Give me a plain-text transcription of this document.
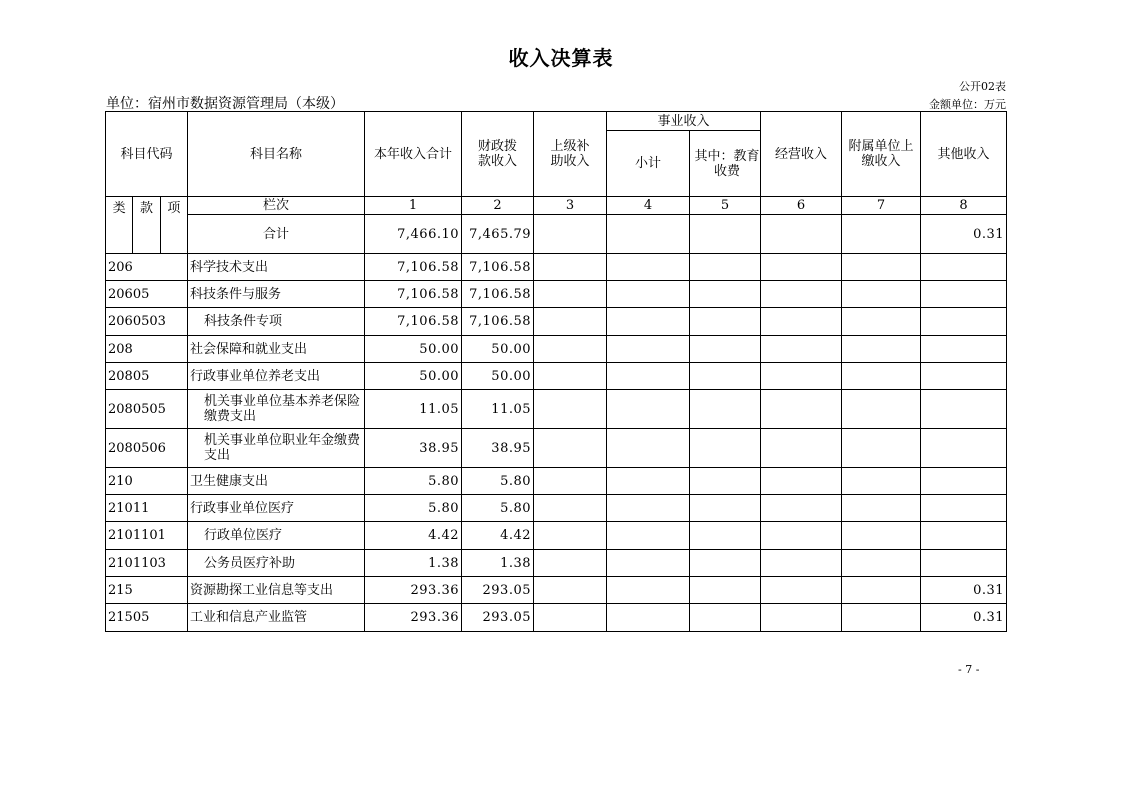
收入决算表
公开02表
单位：宿州市数据资源管理局（本级）	金额单位：万元
科目代码	科目名称	本年收入合计	财政拨款收入	上级补助收入	事业收入		经营收入	附属单位上缴收入	其他收入
					小计	其中：教育收费			

类 款 项	栏次	1	2	3	4	5	6	7	8
	合计	7,466.10	7,465.79						0.31
206	科学技术支出	7,106.58	7,106.58						
20605	科技条件与服务	7,106.58	7,106.58						
2060503	科技条件专项	7,106.58	7,106.58						
208	社会保障和就业支出	50.00	50.00						
20805	行政事业单位养老支出	50.00	50.00						
2080505	机关事业单位基本养老保险缴费支出	11.05	11.05						
2080506	机关事业单位职业年金缴费支出	38.95	38.95						
210	卫生健康支出	5.80	5.80						
21011	行政事业单位医疗	5.80	5.80						
2101101	行政单位医疗	4.42	4.42						
2101103	公务员医疗补助	1.38	1.38						
215	资源勘探工业信息等支出	293.36	293.05						0.31
21505	工业和信息产业监管	293.36	293.05						0.31
- 7 -
